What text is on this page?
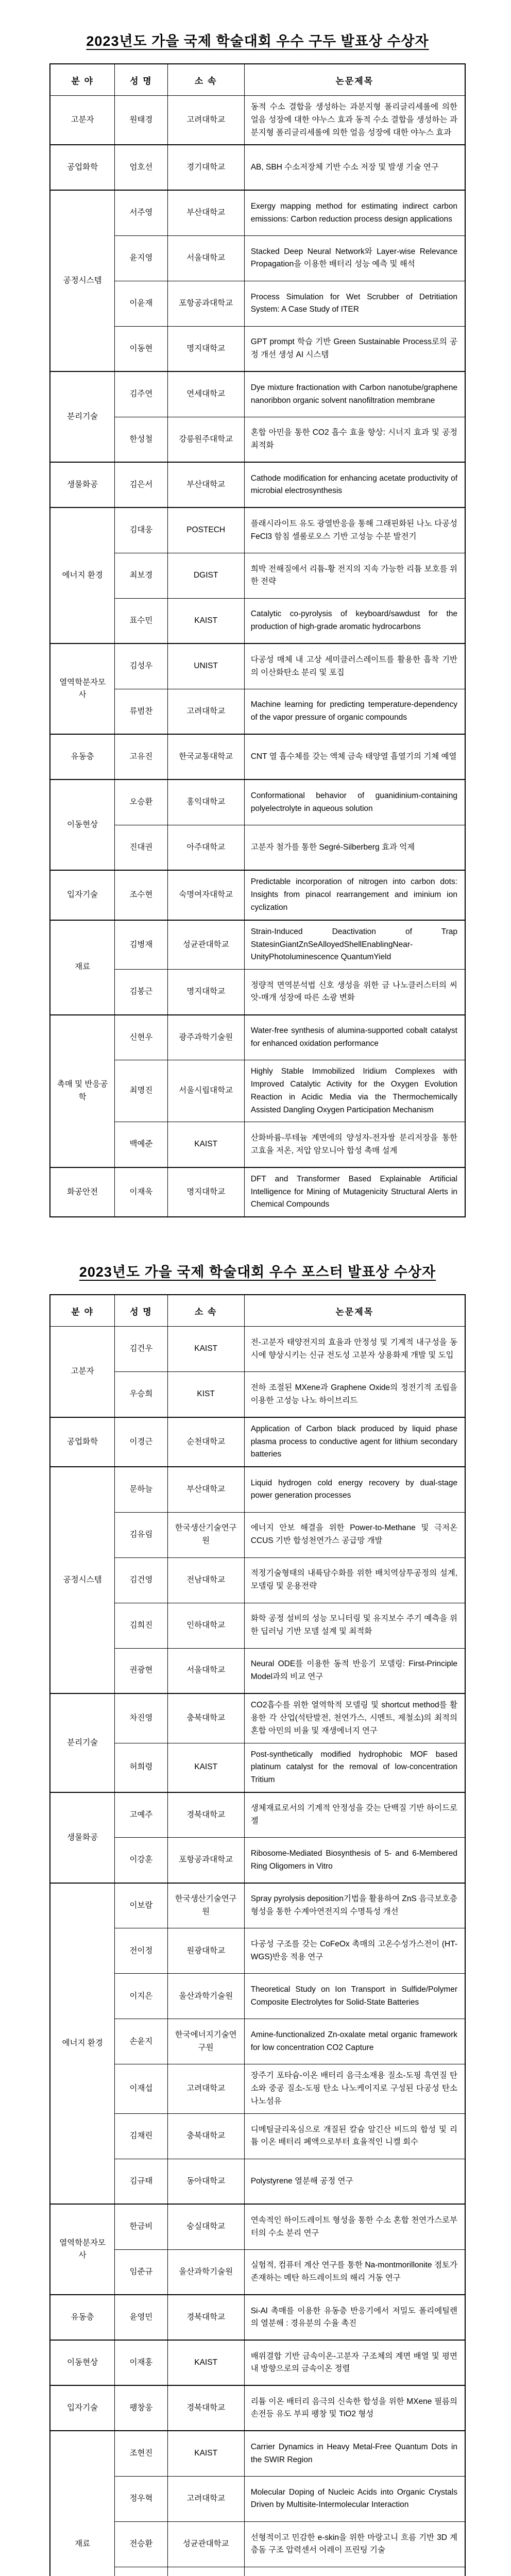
2023년도 가을 국제 학술대회 우수 구두 발표상 수상자
분 야	성 명	소 속	논문제목
고분자	원태경	고려대학교	동적 수소 결합을 생성하는 과분지형 폴리글리세롤에 의한 얼음 성장에 대한 야누스 효과 동적 수소 결합을 생성하는 과분지형 폴리글리세롤에 의한 얼음 성장에 대한 야누스 효과
공업화학	엄호선	경기대학교	AB, SBH 수소저장체 기반 수소 저장 및 발생 기술 연구
공정시스템	서주영	부산대학교	Exergy mapping method for estimating indirect carbon emissions: Carbon reduction process design applications
	윤지영	서울대학교	Stacked Deep Neural Network와 Layer-wise Relevance Propagation을 이용한 배터리 성능 예측 및 해석
	이윤재	포항공과대학교	Process Simulation for Wet Scrubber of Detritiation System: A Case Study of ITER
	이동현	명지대학교	GPT prompt 학습 기반 Green Sustainable Process로의 공정 개선 생성 AI 시스템
분리기술	김주연	연세대학교	Dye mixture fractionation with Carbon nanotube/graphene nanoribbon organic solvent nanofiltration membrane
	한성철	강릉원주대학교	혼합 아민을 통한 CO2 흡수 효율 향상: 시너지 효과 및 공정 최적화
생물화공	김은서	부산대학교	Cathode modification for enhancing acetate productivity of microbial electrosynthesis
에너지 환경	김대웅	POSTECH	플래시라이트 유도 광열반응을 통해 그래핀화된 나노 다공성 FeCl3 함침 셀룰로오스 기반 고성능 수분 발전기
	최보경	DGIST	희박 전해질에서 리튬-황 전지의 지속 가능한 리튬 보호를 위한 전략
	표수민	KAIST	Catalytic co-pyrolysis of keyboard/sawdust for the production of high-grade aromatic hydrocarbons
열역학분자모사	김성우	UNIST	다공성 매체 내 고상 세미클러스레이트를 활용한 흡착 기반의 이산화탄소 분리 및 포집
	류범찬	고려대학교	Machine learning for predicting temperature-dependency of the vapor pressure of organic compounds
유동층	고유진	한국교통대학교	CNT 열 흡수체를 갖는 액체 금속 태양열 흡열기의 기체 예열
이동현상	오승환	홍익대학교	Conformational behavior of guanidinium-containing polyelectrolyte in aqueous solution
	진대권	아주대학교	고분자 첨가를 통한 Segré-Silberberg 효과 억제
입자기술	조수현	숙명여자대학교	Predictable incorporation of nitrogen into carbon dots: Insights from pinacol rearrangement and iminium ion cyclization
재료	김병재	성균관대학교	Strain-Induced Deactivation of Trap StatesinGiantZnSeAlloyedShellEnablingNear-UnityPhotoluminescence QuantumYield
	김봉근	명지대학교	정량적 면역분석법 신호 생성을 위한 금 나노클러스터의 씨앗-매개 성장에 따른 소광 변화
촉매 및 반응공학	신현우	광주과학기술원	Water-free synthesis of alumina-supported cobalt catalyst for enhanced oxidation performance
	최명진	서울시립대학교	Highly Stable Immobilized Iridium Complexes with Improved Catalytic Activity for the Oxygen Evolution Reaction in Acidic Media via the Thermochemically Assisted Dangling Oxygen Participation Mechanism
	백예준	KAIST	산화바륨-루테늄 계면에의 양성자-전자쌍 분리저장을 통한 고효율 저온, 저압 암모니아 합성 촉매 설계
화공안전	이재욱	명지대학교	DFT and Transformer Based Explainable Artificial Intelligence for Mining of Mutagenicity Structural Alerts in Chemical Compounds
2023년도 가을 국제 학술대회 우수 포스터 발표상 수상자
분 야	성 명	소 속	논문제목
고분자	김건우	KAIST	전-고분자 태양전지의 효율과 안정성 및 기계적 내구성을 동시에 향상시키는 신규 전도성 고분자 상용화제 개발 및 도입
	우승희	KIST	전하 조절된 MXene과 Graphene Oxide의 정전기적 조립을 이용한 고성능 나노 하이브리드
공업화학	이경근	순천대학교	Application of Carbon black produced by liquid phase plasma process to conductive agent for lithium secondary batteries
공정시스템	문하늘	부산대학교	Liquid hydrogen cold energy recovery by dual-stage power generation processes
	김유림	한국생산기술연구원	에너지 안보 해결을 위한 Power-to-Methane 및 극저온 CCUS 기반 합성천연가스 공급망 개발
	김건영	전남대학교	적정기술형태의 내륙담수화를 위한 배치역삼투공정의 설계, 모델링 및 운용전략
	김희진	인하대학교	화학 공정 설비의 성능 모니터링 및 유지보수 주기 예측을 위한 딥러닝 기반 모델 설계 및 최적화
	권광현	서울대학교	Neural ODE를 이용한 동적 반응기 모델링: First-Principle Model과의 비교 연구
분리기술	차진영	충북대학교	CO2흡수를 위한 열역학적 모델링 및 shortcut method를 활용한 각 산업(석탄발전, 천연가스, 시멘트, 제철소)의 최적의 혼합 아민의 비율 및 재생에너지 연구
	허희령	KAIST	Post-synthetically modified hydrophobic MOF based platinum catalyst for the removal of low-concentration Tritium
생물화공	고예주	경북대학교	생체재료로서의 기계적 안정성을 갖는 단백질 기반 하이드로젤
	이강훈	포항공과대학교	Ribosome-Mediated Biosynthesis of 5- and 6-Membered Ring Oligomers in Vitro
에너지 환경	이보람	한국생산기술연구원	Spray pyrolysis deposition기법을 활용하여 ZnS 음극보호층 형성을 통한 수계아연전지의 수명특성 개선
	전이정	원광대학교	다공성 구조를 갖는 CoFeOx 촉매의 고온수성가스전이 (HT-WGS)반응 적용 연구
	이지은	울산과학기술원	Theoretical Study on Ion Transport in Sulfide/Polymer Composite Electrolytes for Solid-State Batteries
	손윤지	한국에너지기술연구원	Amine-functionalized Zn-oxalate metal organic framework for low concentration CO2 Capture
	이재섭	고려대학교	장주기 포타슘-이온 배터리 음극소재용 질소-도핑 흑연질 탄소와 중공 질소-도핑 탄소 나노케이지로 구성된 다공성 탄소 나노섬유
	김채린	충북대학교	디메틸글리옥심으로 개질된 칼슘 알긴산 비드의 합성 및 리튬 이온 배터리 폐액으로부터 효율적인 니켈 회수
	김규태	동아대학교	Polystyrene 열분해 공정 연구
열역학분자모사	한금비	숭실대학교	연속적인 하이드레이트 형성을 통한 수소 혼합 천연가스로부터의 수소 분리 연구
	임준규	울산과학기술원	실험적, 컴퓨터 계산 연구를 통한 Na-montmorillonite 점토가 존재하는 메탄 하드레이트의 해리 거동 연구
유동층	윤영민	경북대학교	Si-Al 촉매를 이용한 유동층 반응기에서 저밀도 폴리에틸렌의 열분해 : 경유분의 수율 촉진
이동현상	이재홍	KAIST	배위결합 기반 금속이온-고분자 구조체의 계면 배열 및 평면 내 방향으로의 금속이온 정렬
입자기술	팽창웅	경북대학교	리튬 이온 배터리 음극의 신속한 합성을 위한 MXene 필름의 손전등 유도 부피 팽창 및 TiO2 형성
재료	조현진	KAIST	Carrier Dynamics in Heavy Metal-Free Quantum Dots in the SWIR Region
	정우혁	고려대학교	Molecular Doping of Nucleic Acids into Organic Crystals Driven by Multisite-Intermolecular Interaction
	전승환	성균관대학교	선형적이고 민감한 e-skin을 위한 마랑고니 흐름 기반 3D 계층돔 구조 압력센서 어레이 프린팅 기술
